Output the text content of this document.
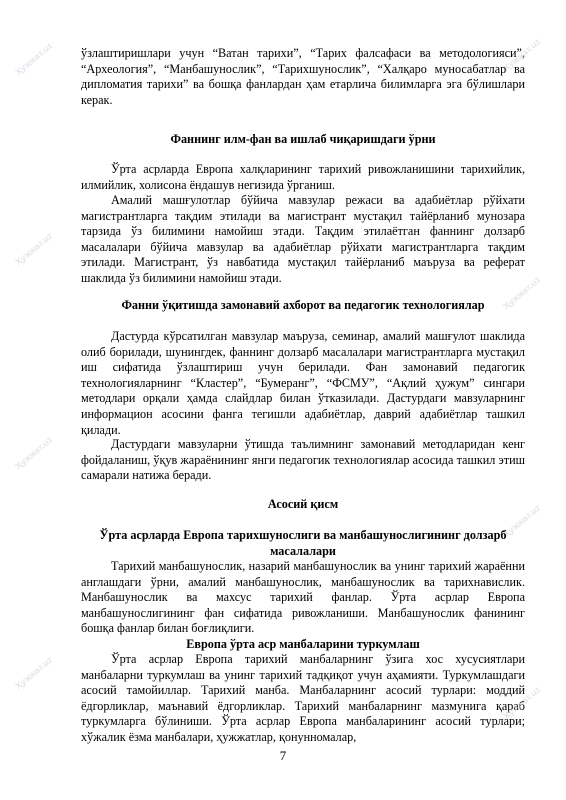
ўзлаштиришлари учун “Ватан тарихи”, “Тарих фалсафаси ва методологияси”, “Археология”, “Манбашунослик”, “Тарихшунослик”, “Халқаро муносабатлар ва дипломатия тарихи” ва бошқа фанлардан ҳам етарлича билимларга эга бўлишлари керак.

Фаннинг илм-фан ва ишлаб чиқаришдаги ўрни

Ўрта асрларда Европа халқларининг тарихий ривожланишини тарихийлик, илмийлик, холисона ёндашув негизида ўрганиш.

Амалий машғулотлар бўйича мавзулар режаси ва адабиётлар рўйхати магистрантларга тақдим этилади ва магистрант мустақил тайёрланиб мунозара тарзида ўз билимини намойиш этади. Тақдим этилаётган фаннинг долзарб масалалари бўйича мавзулар ва адабиётлар рўйхати магистрантларга тақдим этилади. Магистрант, ўз навбатида мустақил тайёрланиб маъруза ва реферат шаклида ўз билимини намойиш этади.

Фанни ўқитишда замонавий ахборот ва педагогик технологиялар

Дастурда кўрсатилган мавзулар маъруза, семинар, амалий машғулот шаклида олиб борилади, шунингдек, фаннинг долзарб масалалари магистрантларга мустақил иш сифатида ўзлаштириш учун берилади. Фан замонавий педагогик технологияларнинг “Кластер”, “Бумеранг”, “ФСМУ”, “Ақлий ҳужум” сингари методлари орқали ҳамда слайдлар билан ўтказилади. Дастурдаги мавзуларнинг информацион асосини фанга тегишли адабиётлар, даврий адабиётлар ташкил қилади.

Дастурдаги мавзуларни ўтишда таълимнинг замонавий методларидан кенг фойдаланиш, ўқув жараёнининг янги педагогик технологиялар асосида ташкил этиш самарали натижа беради.

Асосий қисм

Ўрта асрларда Европа тарихшунослиги ва манбашунослигининг долзарб масалалари

Тарихий манбашунослик, назарий манбашунослик ва унинг тарихий жараённи англашдаги ўрни, амалий манбашунослик, манбашунослик ва тарихнавислик. Манбашунослик ва махсус тарихий фанлар. Ўрта асрлар Европа манбашунослигининг фан сифатида ривожланиши. Манбашунослик фанининг бошқа фанлар билан боғлиқлиги.

Европа ўрта аср манбаларини туркумлаш

Ўрта асрлар Европа тарихий манбаларнинг ўзига хос хусусиятлари манбаларни туркумлаш ва унинг тарихий тадқиқот учун аҳамияти. Туркумлашдаги асосий тамойиллар. Тарихий манба. Манбаларнинг асосий турлари: моддий ёдгорликлар, маънавий ёдгорликлар. Тарихий манбаларнинг мазмунига қараб туркумларга бўлиниши. Ўрта асрлар Европа манбаларининг асосий турлари; хўжалик ёзма манбалари, ҳужжатлар, қонунномалар,

7
Ҳужжат.uz	Ҳужжат.uz
Ҳужжат.uz
Ҳужжат.uz
Ҳужжат.uz
Ҳужжат.uz
Ҳужжат.uz
Ҳужжат.uz
